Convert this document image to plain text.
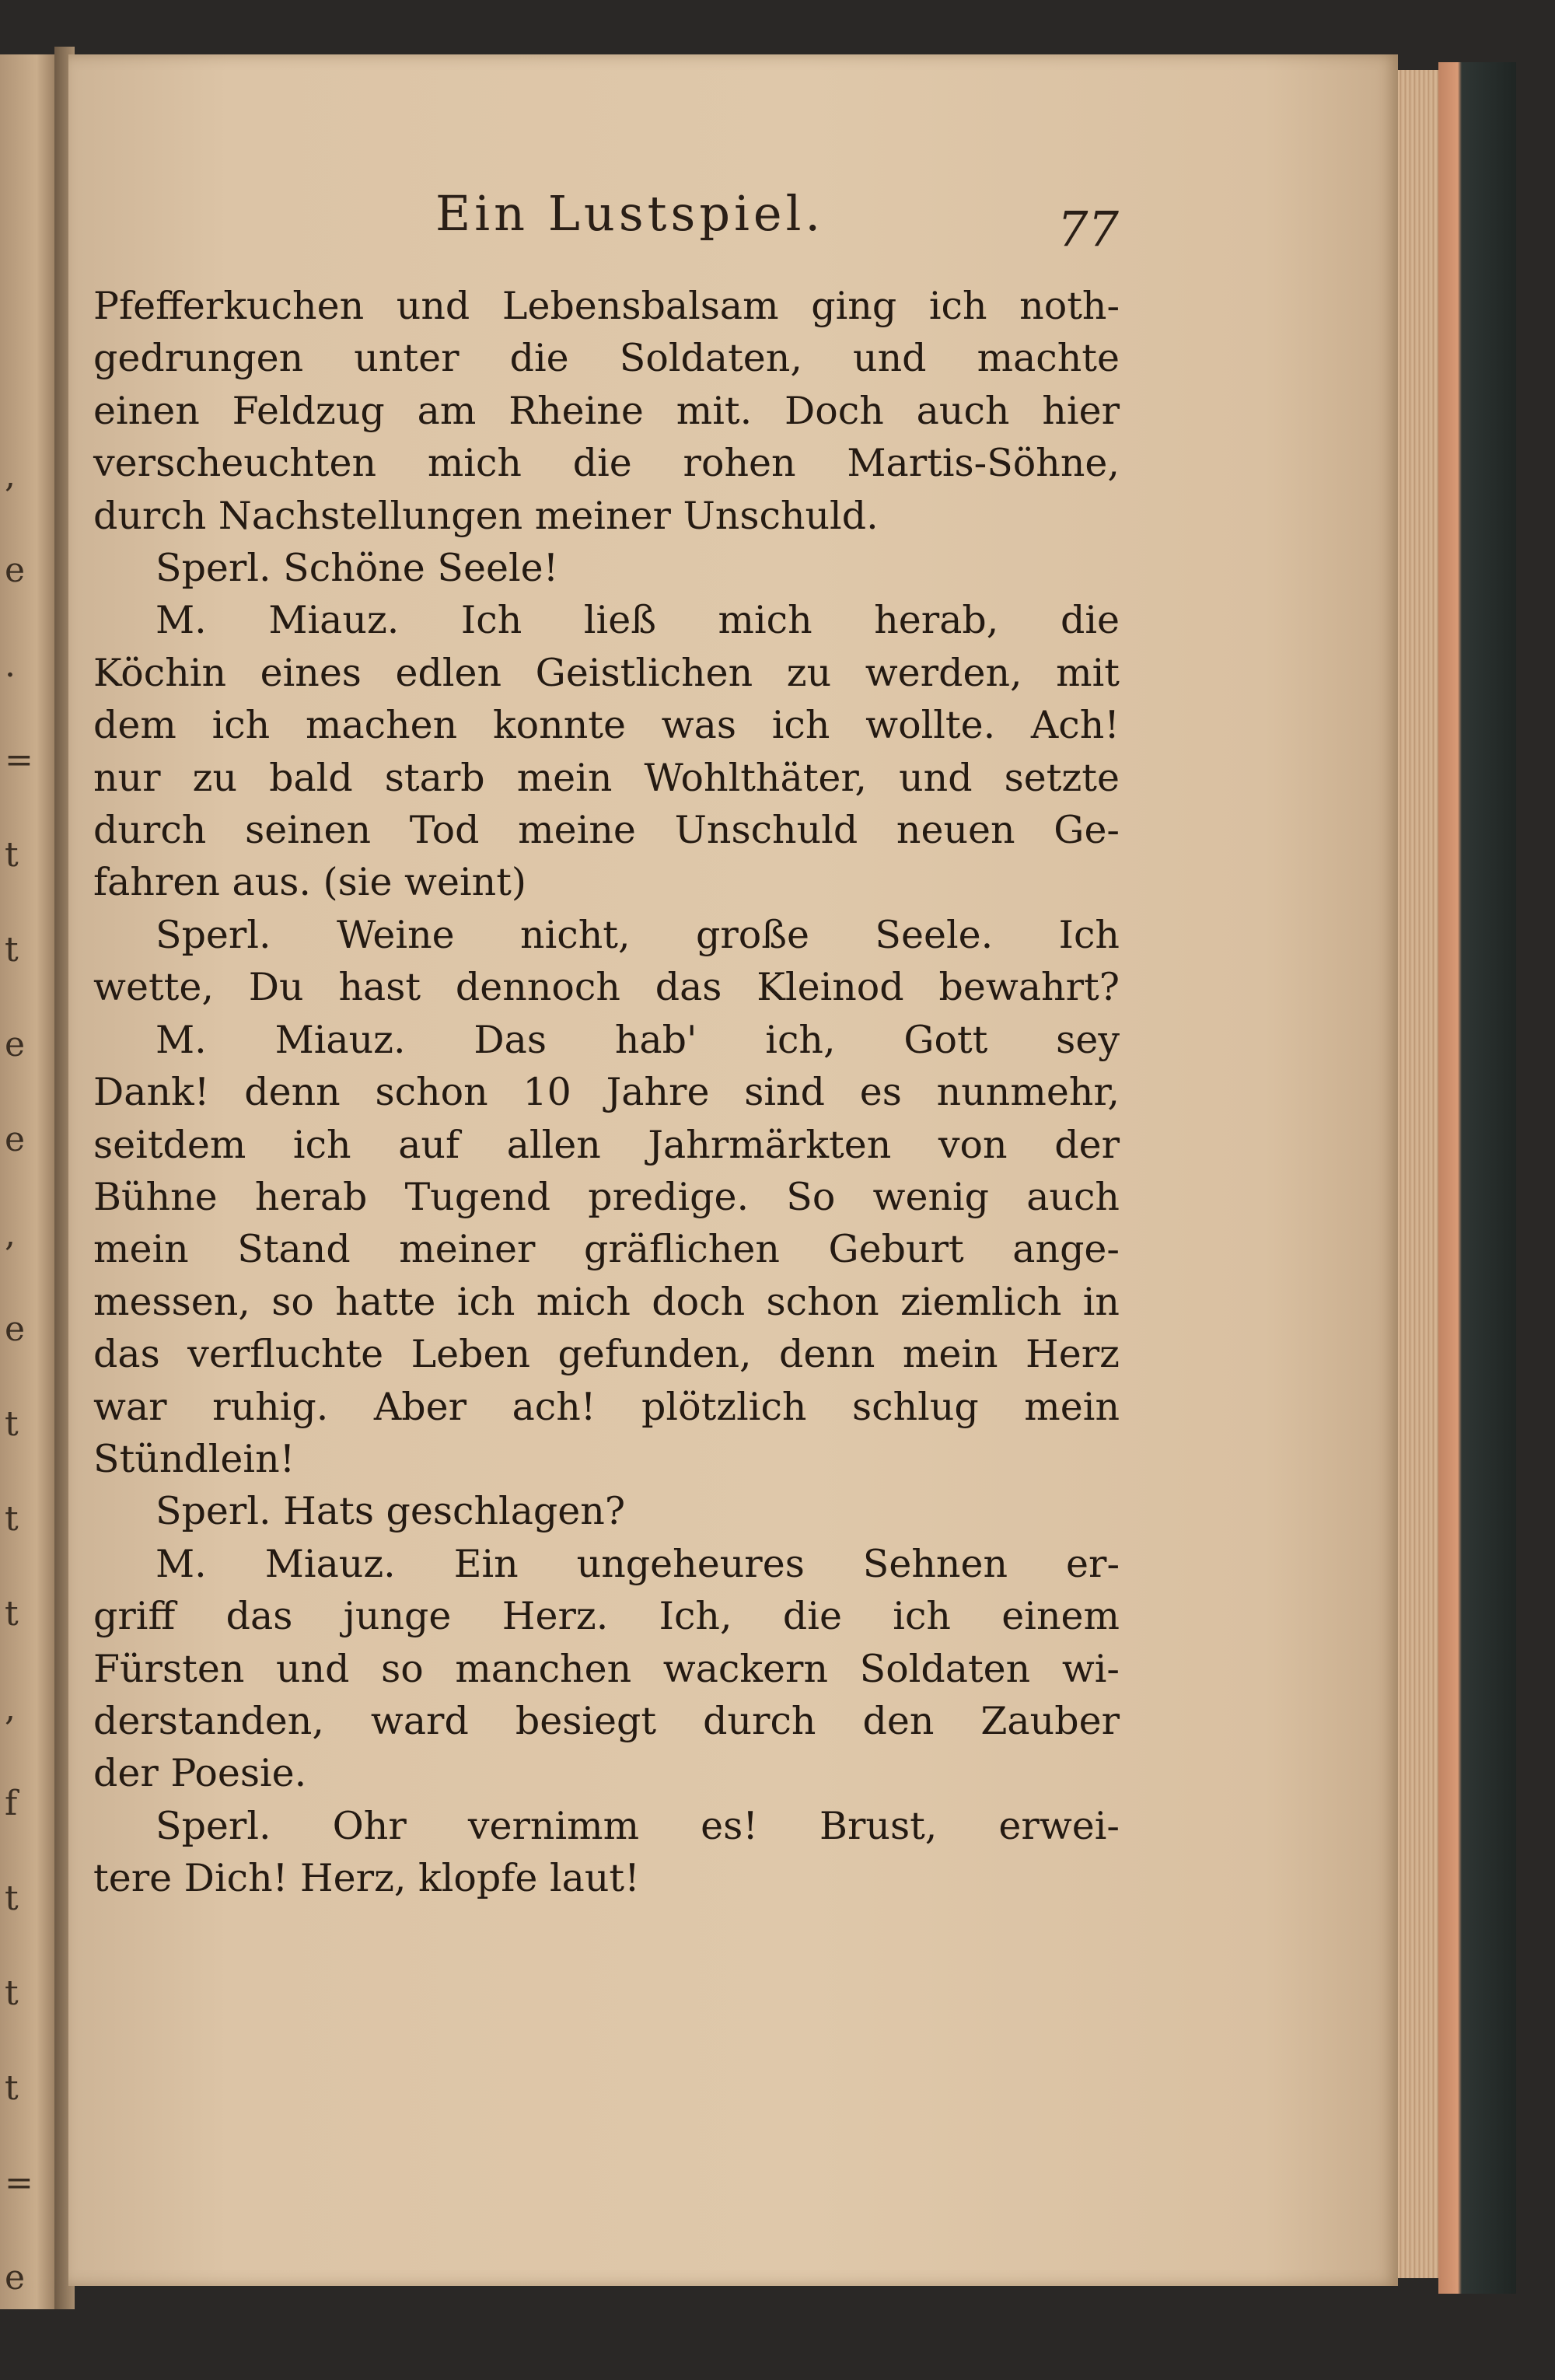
,
e
.
=
t
t
e
e
,
e
t
t
t
,
f
t
t
t
=
e
Ein Lustspiel.	77
Pfefferkuchen und Lebensbalsam ging ich noth-
gedrungen unter die Soldaten, und machte
einen Feldzug am Rheine mit. Doch auch hier
verscheuchten mich die rohen Martis-Söhne,
durch Nachstellungen meiner Unschuld.
Sperl. Schöne Seele!
M. Miauz. Ich ließ mich herab, die
Köchin eines edlen Geistlichen zu werden, mit
dem ich machen konnte was ich wollte. Ach!
nur zu bald starb mein Wohlthäter, und setzte
durch seinen Tod meine Unschuld neuen Ge-
fahren aus. (sie weint)
Sperl. Weine nicht, große Seele. Ich
wette, Du hast dennoch das Kleinod bewahrt?
M. Miauz. Das hab' ich, Gott sey
Dank! denn schon 10 Jahre sind es nunmehr,
seitdem ich auf allen Jahrmärkten von der
Bühne herab Tugend predige. So wenig auch
mein Stand meiner gräflichen Geburt ange-
messen, so hatte ich mich doch schon ziemlich in
das verfluchte Leben gefunden, denn mein Herz
war ruhig. Aber ach! plötzlich schlug mein
Stündlein!
Sperl. Hats geschlagen?
M. Miauz. Ein ungeheures Sehnen er-
griff das junge Herz. Ich, die ich einem
Fürsten und so manchen wackern Soldaten wi-
derstanden, ward besiegt durch den Zauber
der Poesie.
Sperl. Ohr vernimm es! Brust, erwei-
tere Dich! Herz, klopfe laut!
